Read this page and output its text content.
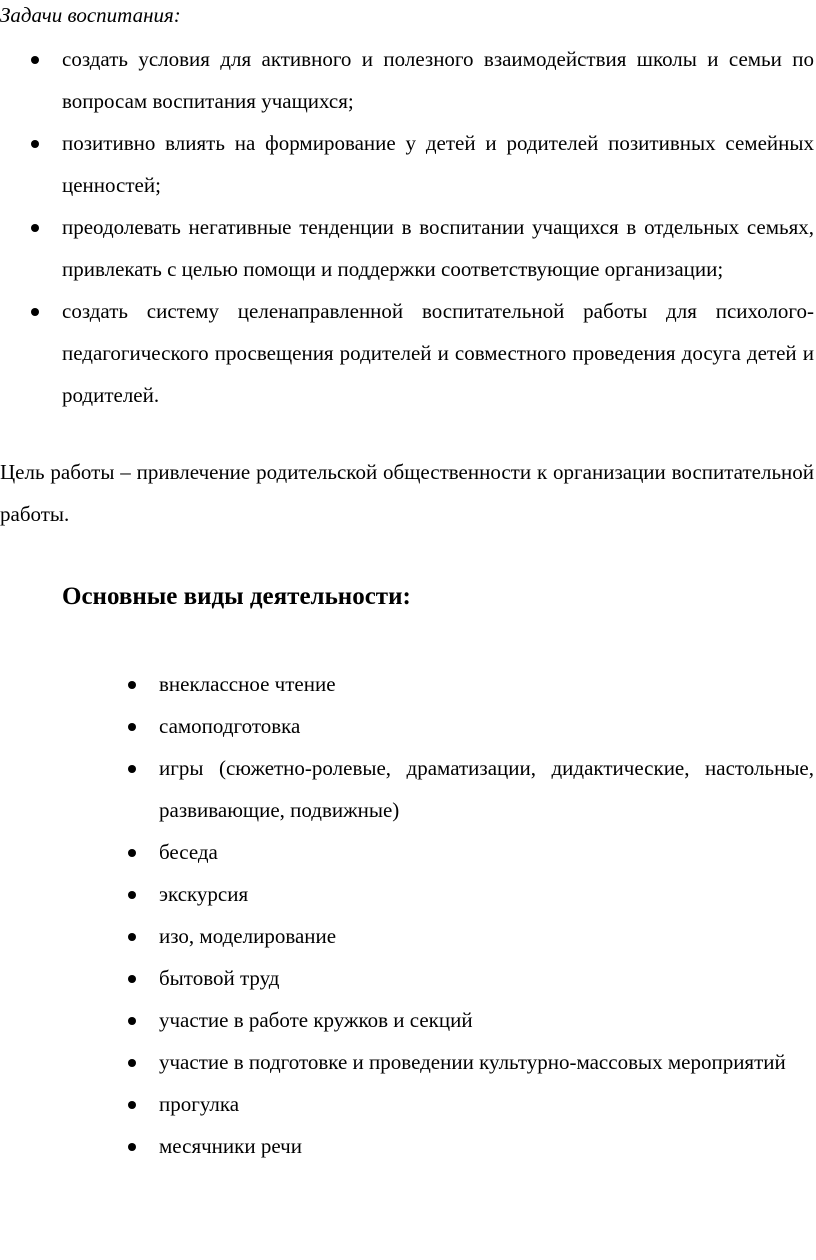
Задачи воспитания:
создать условия для активного и полезного взаимодействия школы и семьи по вопросам воспитания учащихся;
позитивно влиять на формирование у детей и родителей позитивных семейных ценностей;
преодолевать негативные тенденции в воспитании учащихся в отдельных семьях, привлекать с целью помощи и поддержки соответствующие организации;
создать систему целенаправленной воспитательной работы для психолого-педагогического просвещения родителей и совместного проведения досуга детей и родителей.

Цель работы – привлечение родительской общественности к организации воспитательной работы.

Основные виды деятельности:
внеклассное чтение
самоподготовка
игры (сюжетно-ролевые, драматизации, дидактические, настольные, развивающие, подвижные)
беседа
экскурсия
изо, моделирование
бытовой труд
участие в работе кружков и секций
участие в подготовке и проведении культурно-массовых мероприятий
прогулка
месячники речи
